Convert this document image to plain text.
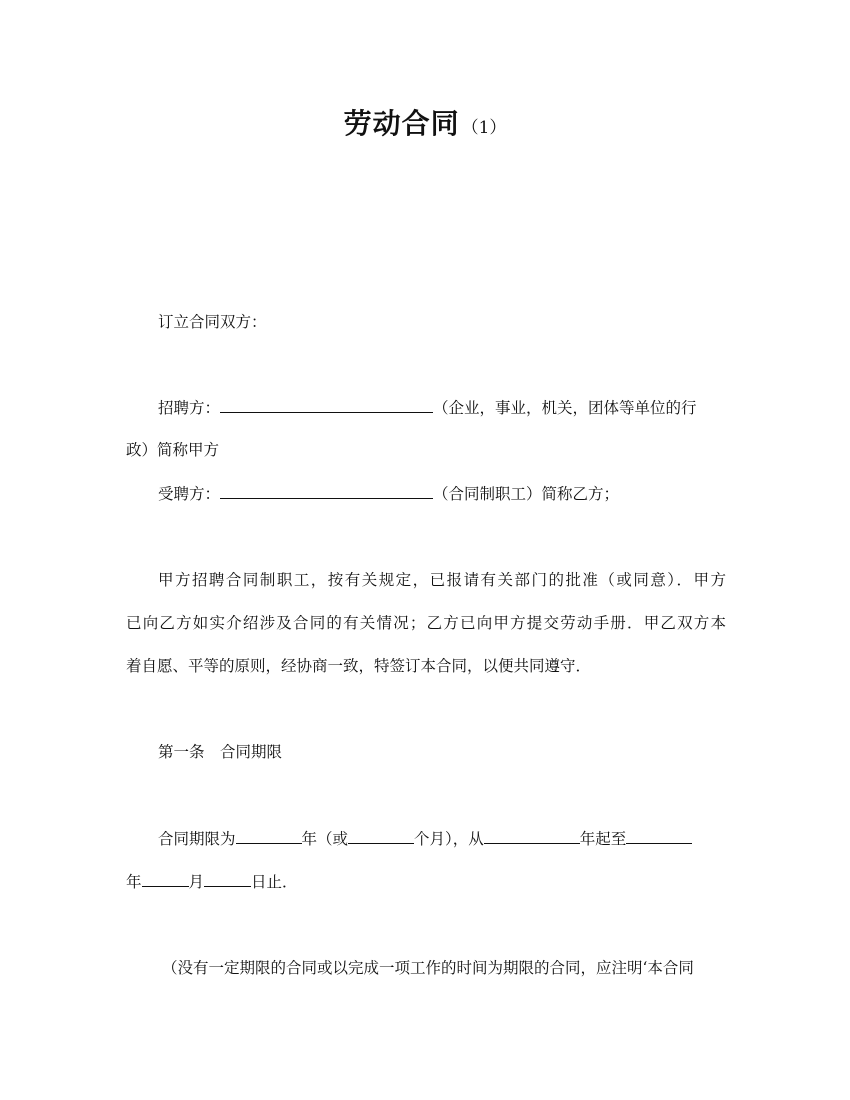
劳动合同 （1）
订立合同双方：
招聘方：	（企业，事业，机关，团体等单位的行
政）简称甲方
受聘方：	（合同制职工）简称乙方；
甲方招聘合同制职工，按有关规定，已报请有关部门的批准（或同意）．甲方
已向乙方如实介绍涉及合同的有关情况；乙方已向甲方提交劳动手册．甲乙双方本
着自愿、平等的原则，经协商一致，特签订本合同，以便共同遵守．
第一条　合同期限
合同期限为	年（或	个月），从	年起至
年	月	日止．
（没有一定期限的合同或以完成一项工作的时间为期限的合同，应注明‘本合同
